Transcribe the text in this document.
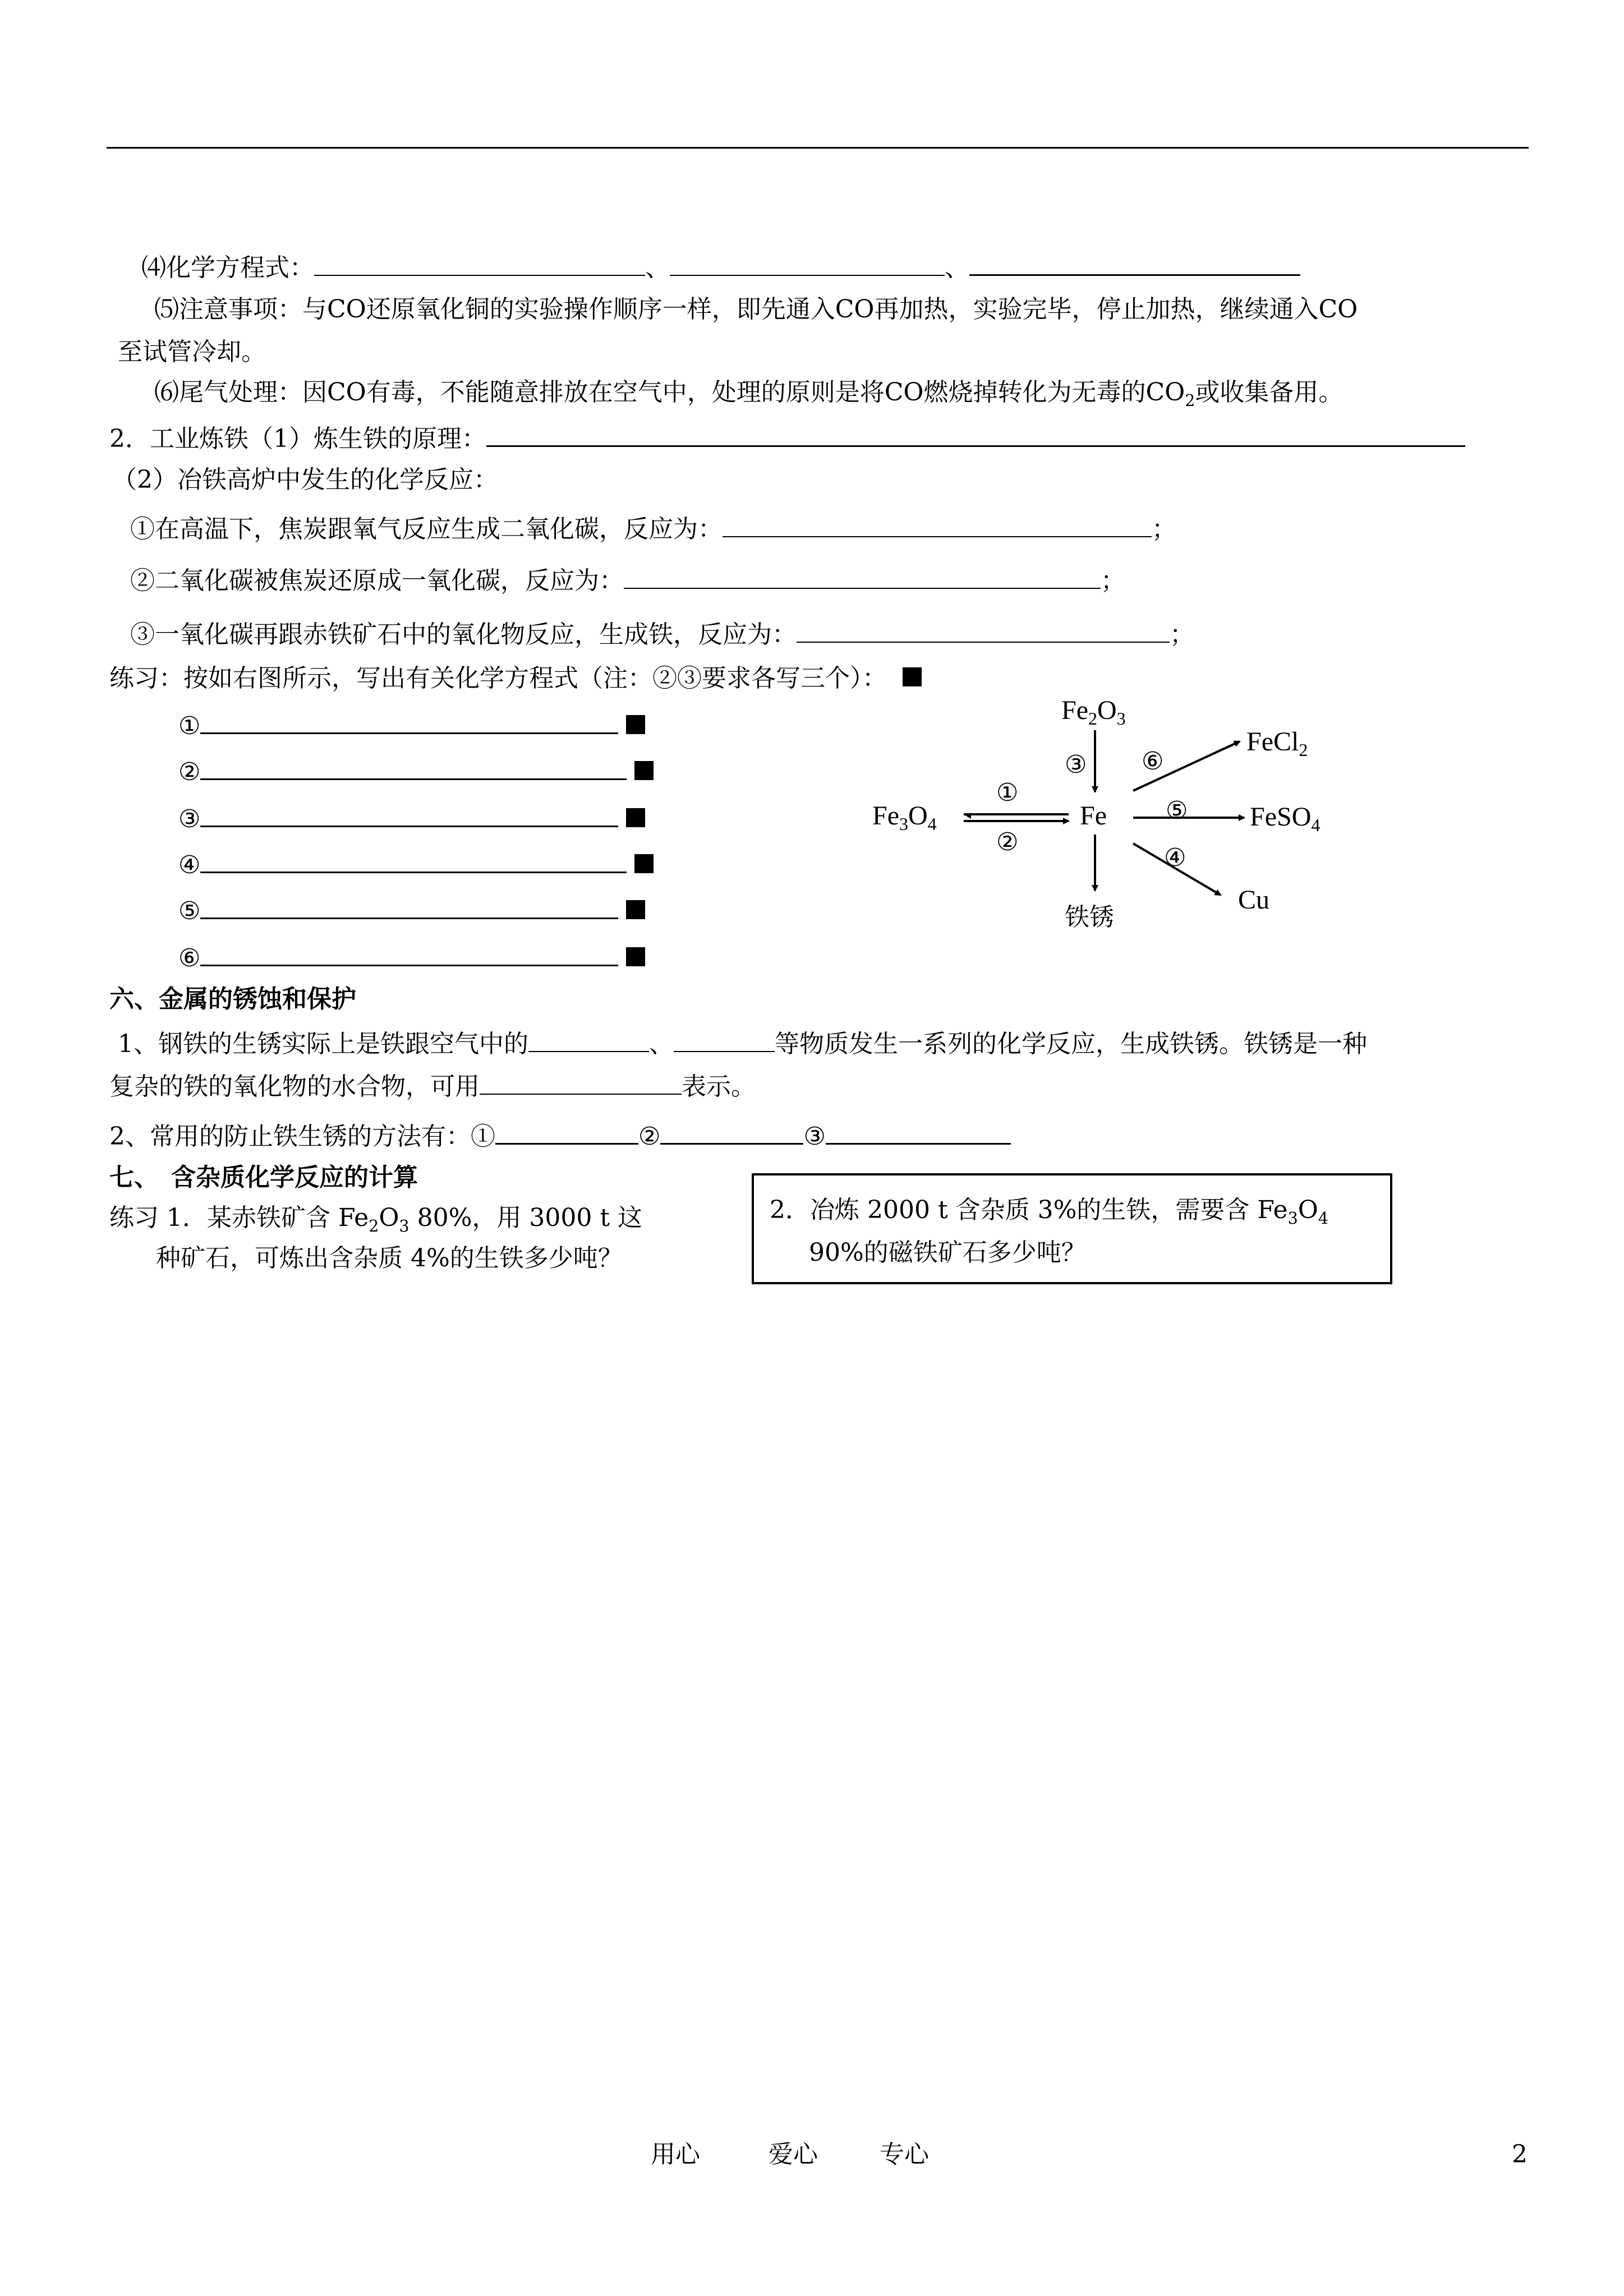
⑷化学方程式：	、	、
⑸注意事项：与CO还原氧化铜的实验操作顺序一样，即先通入CO再加热，实验完毕，停止加热，继续通入CO
至试管冷却。
⑹尾气处理：因CO有毒，不能随意排放在空气中，处理的原则是将CO燃烧掉转化为无毒的$CO_2$或收集备用。
2．工业炼铁（1）炼生铁的原理：
（2）冶铁高炉中发生的化学反应：
①在高温下，焦炭跟氧气反应生成二氧化碳，反应为：	；
②二氧化碳被焦炭还原成一氧化碳，反应为：	；
③一氧化碳再跟赤铁矿石中的氧化物反应，生成铁，反应为：	；
练习：按如右图所示，写出有关化学方程式（注：②③要求各写三个）：
①
②
③
④
⑤
⑥
$Fe_2O_3$
$Fe_3O_4$	Fe
FeCl$_2$
FeSO$_4$
Cu
铁锈
①
②
③
④
⑤
⑥
六、金属的锈蚀和保护
1、钢铁的生锈实际上是铁跟空气中的	、	等物质发生一系列的化学反应，生成铁锈。铁锈是一种
复杂的铁的氧化物的水合物，可用	表示。
2、常用的防止铁生锈的方法有：①	②	③
七、　含杂质化学反应的计算
练习 1．某赤铁矿含 $Fe_2O_3$ 80%，用 3000 t 这
种矿石，可炼出含杂质 4%的生铁多少吨？
2．冶炼 2000 t 含杂质 3%的生铁，需要含 $Fe_3O_4$
90%的磁铁矿石多少吨？
用心	爱心	专心	2
